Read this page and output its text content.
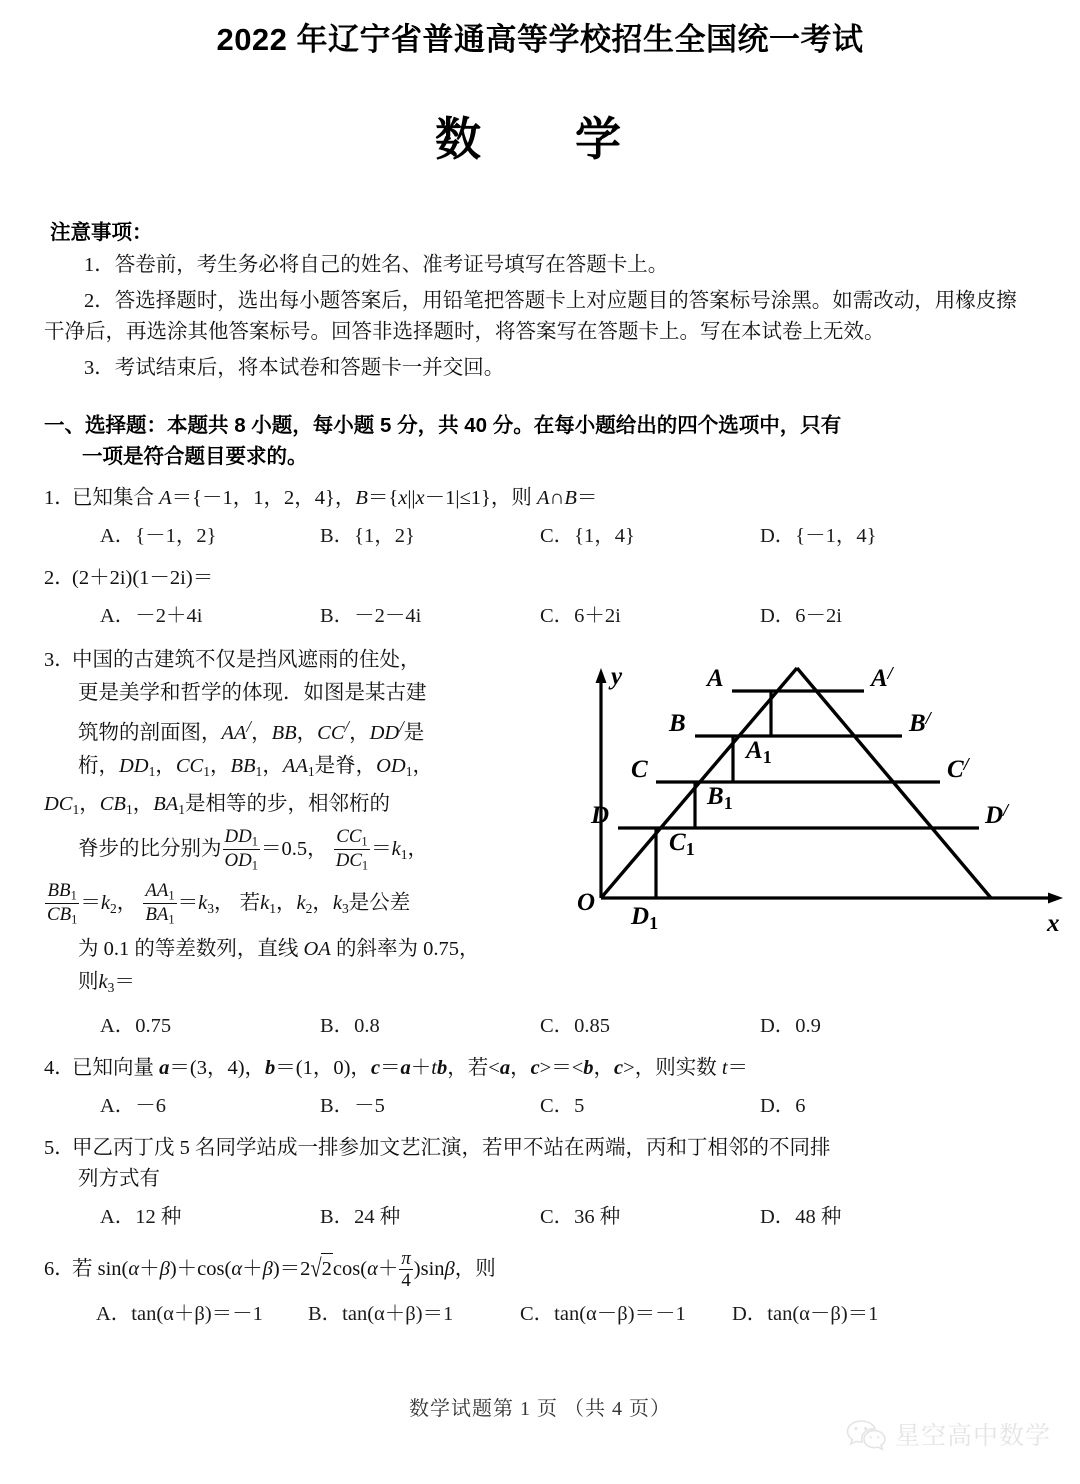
2022 年辽宁省普通高等学校招生全国统一考试
数　学
注意事项：
1．答卷前，考生务必将自己的姓名、准考证号填写在答题卡上。
2．答选择题时，选出每小题答案后，用铅笔把答题卡上对应题目的答案标号涂黑。如需改动，用橡皮擦干净后，再选涂其他答案标号。回答非选择题时，将答案写在答题卡上。写在本试卷上无效。
3．考试结束后，将本试卷和答题卡一并交回。
一、选择题：本题共 8 小题，每小题 5 分，共 40 分。在每小题给出的四个选项中，只有
一项是符合题目要求的。
1．已知集合 A＝{－1，1，2，4}，B＝{x||x－1|≤1}，则 A∩B＝
A．{－1，2}	B．{1，2}	C．{1，4}	D．{－1，4}
2．(2＋2i)(1－2i)＝
A．－2＋4i	B．－2－4i	C．6＋2i	D．6－2i
3．中国的古建筑不仅是挡风遮雨的住处，
更是美学和哲学的体现．如图是某古建
筑物的剖面图，AA/，BB，CC/，DD/是
桁，$DD_1$，$CC_1$，$BB_1$，$AA_1$是脊，$OD_1$，
$DC_1$，$CB_1$，$BA_1$是相等的步，相邻桁的
脊步的比分别为 $\frac{DD_1}{OD_1} =0.5$， $\frac{CC_1}{DC_1} =k_1$，
$\frac{BB_1}{CB_1} =k_2$， $\frac{AA_1}{BA_1} =k_3$， 若$k_1$，$k_2$，$k_3$是公差
为 0.1 的等差数列，直线 OA 的斜率为 0.75，
则$k_3=$
O
y
x
A	A/
B	B/
C	C/
D	D/
$A_1$
$B_1$
$C_1$
$D_1$
A．0.75	B．0.8	C．0.85	D．0.9
4．已知向量 a＝(3，4)，b＝(1，0)，c＝a＋tb，若<a，c>＝<b，c>，则实数 t＝
A．－6	B．－5	C．5	D．6
5．甲乙丙丁戊 5 名同学站成一排参加文艺汇演，若甲不站在两端，丙和丁相邻的不同排
列方式有
A．12 种	B．24 种	C．36 种	D．48 种
6．若 $\sin(\alpha+\beta)+\cos(\alpha+\beta)=2√2\cos(\alpha+ \frac{\pi}{4} )\sin\beta$，则
A．tan(α＋β)＝－1	B．tan(α＋β)＝1	C．tan(α－β)＝－1	D．tan(α－β)＝1
数学试题第 1 页 （共 4 页）
星空高中数学
